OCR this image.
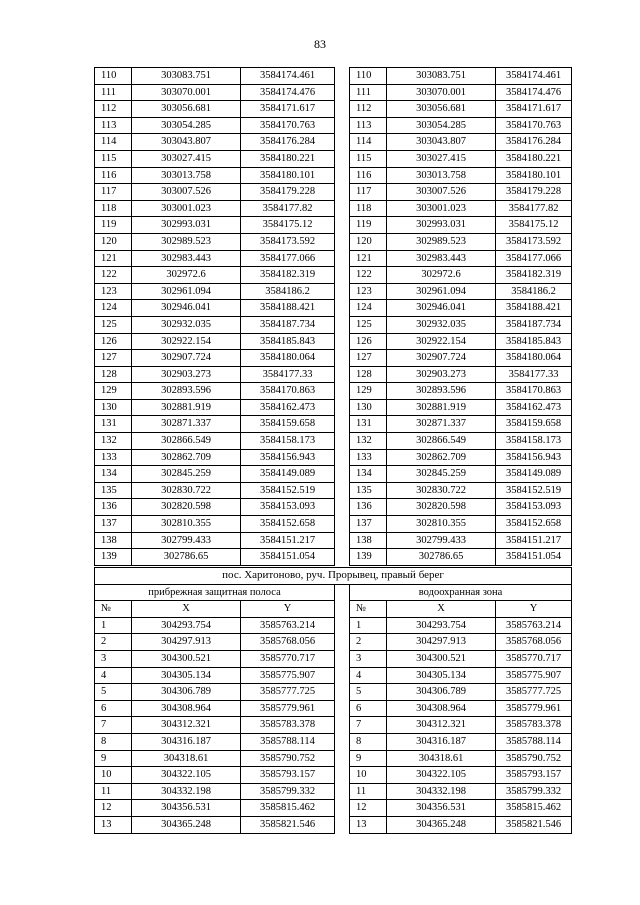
83
110	303083.751	3584174.461		110	303083.751	3584174.461
111	303070.001	3584174.476		111	303070.001	3584174.476
112	303056.681	3584171.617		112	303056.681	3584171.617
113	303054.285	3584170.763		113	303054.285	3584170.763
114	303043.807	3584176.284		114	303043.807	3584176.284
115	303027.415	3584180.221		115	303027.415	3584180.221
116	303013.758	3584180.101		116	303013.758	3584180.101
117	303007.526	3584179.228		117	303007.526	3584179.228
118	303001.023	3584177.82		118	303001.023	3584177.82
119	302993.031	3584175.12		119	302993.031	3584175.12
120	302989.523	3584173.592		120	302989.523	3584173.592
121	302983.443	3584177.066		121	302983.443	3584177.066
122	302972.6	3584182.319		122	302972.6	3584182.319
123	302961.094	3584186.2		123	302961.094	3584186.2
124	302946.041	3584188.421		124	302946.041	3584188.421
125	302932.035	3584187.734		125	302932.035	3584187.734
126	302922.154	3584185.843		126	302922.154	3584185.843
127	302907.724	3584180.064		127	302907.724	3584180.064
128	302903.273	3584177.33		128	302903.273	3584177.33
129	302893.596	3584170.863		129	302893.596	3584170.863
130	302881.919	3584162.473		130	302881.919	3584162.473
131	302871.337	3584159.658		131	302871.337	3584159.658
132	302866.549	3584158.173		132	302866.549	3584158.173
133	302862.709	3584156.943		133	302862.709	3584156.943
134	302845.259	3584149.089		134	302845.259	3584149.089
135	302830.722	3584152.519		135	302830.722	3584152.519
136	302820.598	3584153.093		136	302820.598	3584153.093
137	302810.355	3584152.658		137	302810.355	3584152.658
138	302799.433	3584151.217		138	302799.433	3584151.217
139	302786.65	3584151.054		139	302786.65	3584151.054
пос. Харитоново, руч. Прорывец, правый берег						
прибрежная защитная полоса				водоохранная зона		
№	X	Y		№	X	Y
1	304293.754	3585763.214		1	304293.754	3585763.214
2	304297.913	3585768.056		2	304297.913	3585768.056
3	304300.521	3585770.717		3	304300.521	3585770.717
4	304305.134	3585775.907		4	304305.134	3585775.907
5	304306.789	3585777.725		5	304306.789	3585777.725
6	304308.964	3585779.961		6	304308.964	3585779.961
7	304312.321	3585783.378		7	304312.321	3585783.378
8	304316.187	3585788.114		8	304316.187	3585788.114
9	304318.61	3585790.752		9	304318.61	3585790.752
10	304322.105	3585793.157		10	304322.105	3585793.157
11	304332.198	3585799.332		11	304332.198	3585799.332
12	304356.531	3585815.462		12	304356.531	3585815.462
13	304365.248	3585821.546		13	304365.248	3585821.546
